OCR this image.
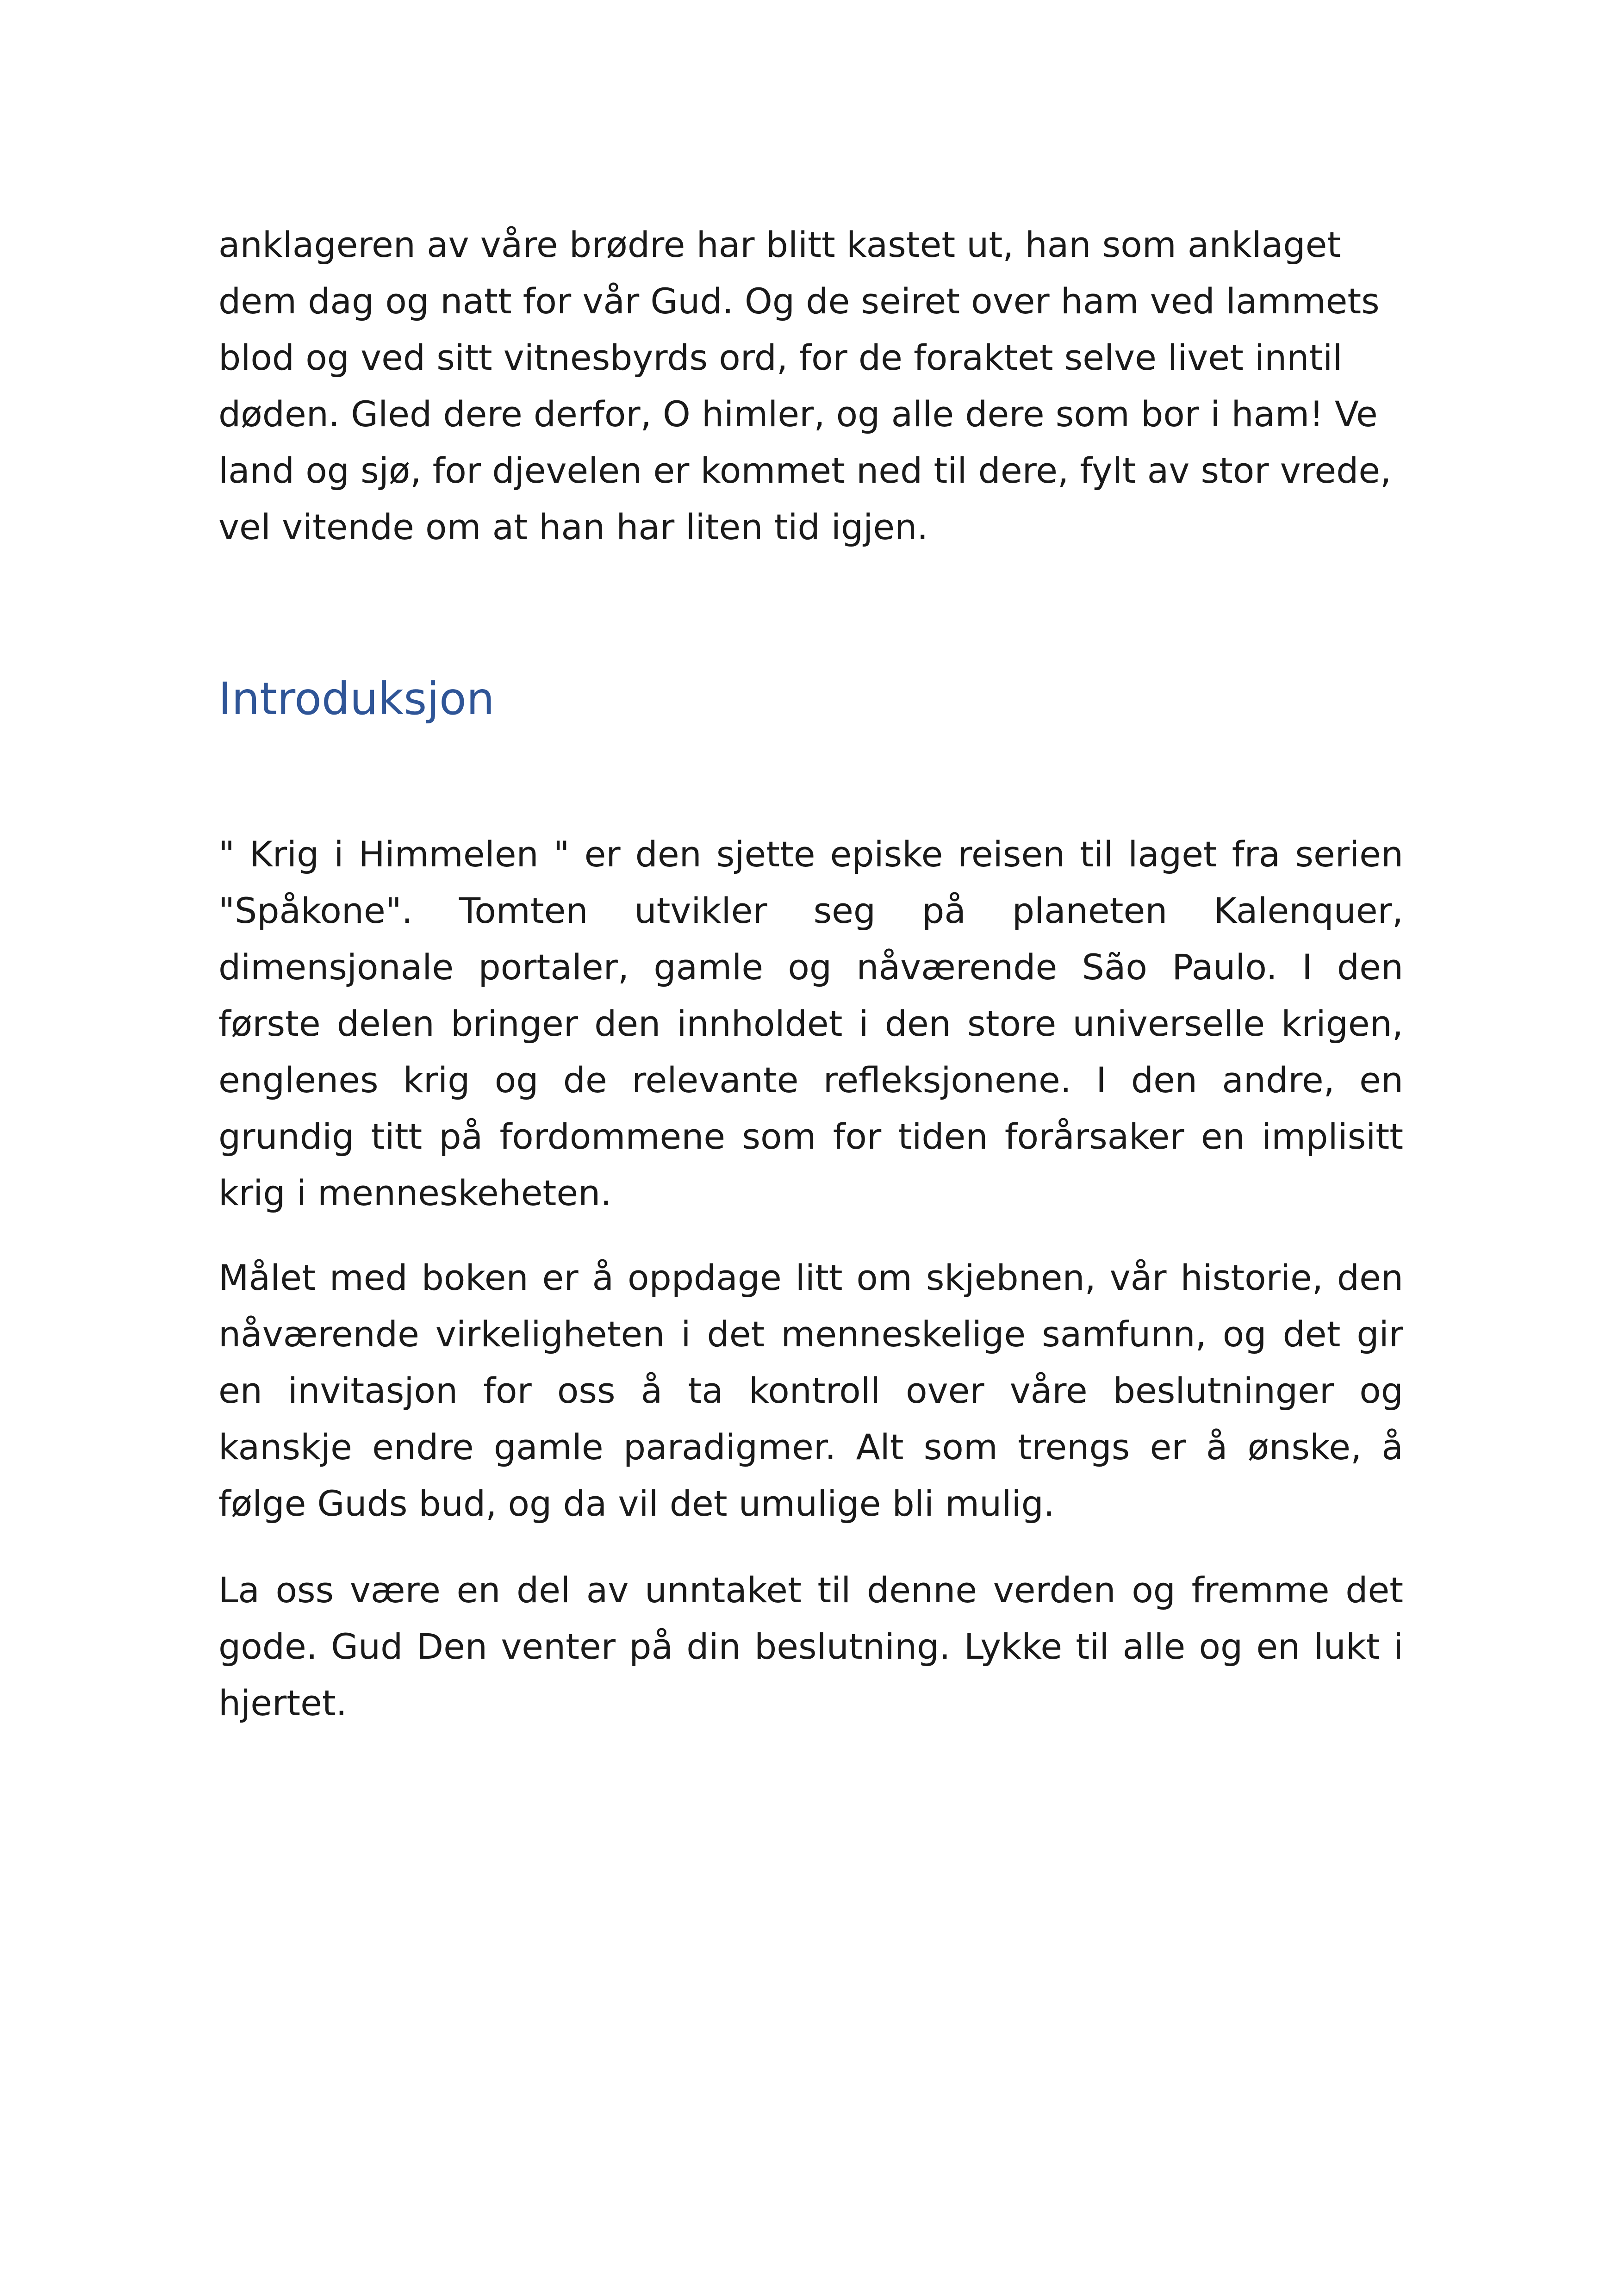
anklageren av våre brødre har blitt kastet ut, han som anklaget dem dag og natt for vår Gud. Og de seiret over ham ved lammets blod og ved sitt vitnesbyrds ord, for de foraktet selve livet inntil døden. Gled dere derfor, O himler, og alle dere som bor i ham! Ve land og sjø, for djevelen er kommet ned til dere, fylt av stor vrede, vel vitende om at han har liten tid igjen.

Introduksjon

" Krig i Himmelen " er den sjette episke reisen til laget fra serien "Spåkone". Tomten utvikler seg på planeten Kalenquer, dimensjonale portaler, gamle og nåværende São Paulo. I den første delen bringer den innholdet i den store universelle krigen, englenes krig og de relevante refleksjonene. I den andre, en grundig titt på fordommene som for tiden forårsaker en implisitt krig i menneskeheten.

Målet med boken er å oppdage litt om skjebnen, vår historie, den nåværende virkeligheten i det menneskelige samfunn, og det gir en invitasjon for oss å ta kontroll over våre beslutninger og kanskje endre gamle paradigmer. Alt som trengs er å ønske, å følge Guds bud, og da vil det umulige bli mulig.

La oss være en del av unntaket til denne verden og fremme det gode. Gud Den venter på din beslutning. Lykke til alle og en lukt i hjertet.
